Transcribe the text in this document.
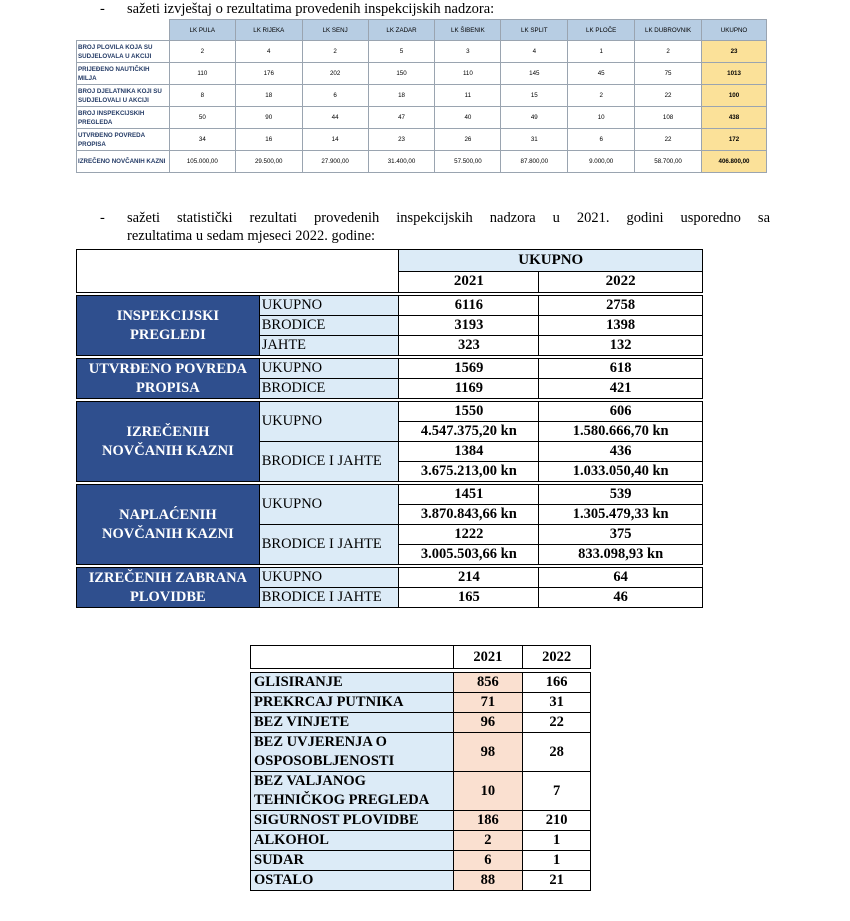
- sažeti izvještaj o rezultatima provedenih inspekcijskih nadzora:
	LK PULA	LK RIJEKA	LK SENJ	LK ZADAR	LK ŠIBENIK	LK SPLIT	LK PLOČE	LK DUBROVNIK	UKUPNO
BROJ PLOVILA KOJA SU SUDJELOVALA U AKCIJI	2	4	2	5	3	4	1	2	23
PRIJEĐENO NAUTIČKIH MILJA	110	176	202	150	110	145	45	75	1013
BROJ DJELATNIKA KOJI SU SUDJELOVALI U AKCIJI	8	18	6	18	11	15	2	22	100
BROJ INSPEKCIJSKIH PREGLEDA	50	90	44	47	40	49	10	108	438
UTVRĐENO POVREDA PROPISA	34	16	14	23	26	31	6	22	172
IZREČENO NOVČANIH KAZNI	105.000,00	29.500,00	27.900,00	31.400,00	57.500,00	87.800,00	9.000,00	58.700,00	406.800,00
- sažeti statistički rezultati provedenih inspekcijskih nadzora u 2021. godini usporedno sa
rezultatima u sedam mjeseci 2022. godine:
		UKUPNO	
		2021	2022

INSPEKCIJSKI
PREGLEDI	UKUPNO	6116	2758
	BRODICE	3193	1398
	JAHTE	323	132

UTVRĐENO POVREDA
PROPISA	UKUPNO	1569	618
	BRODICE	1169	421

IZREČENIH
NOVČANIH KAZNI	UKUPNO	1550	606
		4.547.375,20 kn	1.580.666,70 kn
	BRODICE I JAHTE	1384	436
		3.675.213,00 kn	1.033.050,40 kn

NAPLAĆENIH
NOVČANIH KAZNI	UKUPNO	1451	539
		3.870.843,66 kn	1.305.479,33 kn
	BRODICE I JAHTE	1222	375
		3.005.503,66 kn	833.098,93 kn

IZREČENIH ZABRANA
PLOVIDBE	UKUPNO	214	64
	BRODICE I JAHTE	165	46
	2021	2022

GLISIRANJE	856	166
PREKRCAJ PUTNIKA	71	31
BEZ VINJETE	96	22
BEZ UVJERENJA O
OSPOSOBLJENOSTI	98	28
BEZ VALJANOG
TEHNIČKOG PREGLEDA	10	7
SIGURNOST PLOVIDBE	186	210
ALKOHOL	2	1
SUDAR	6	1
OSTALO	88	21
